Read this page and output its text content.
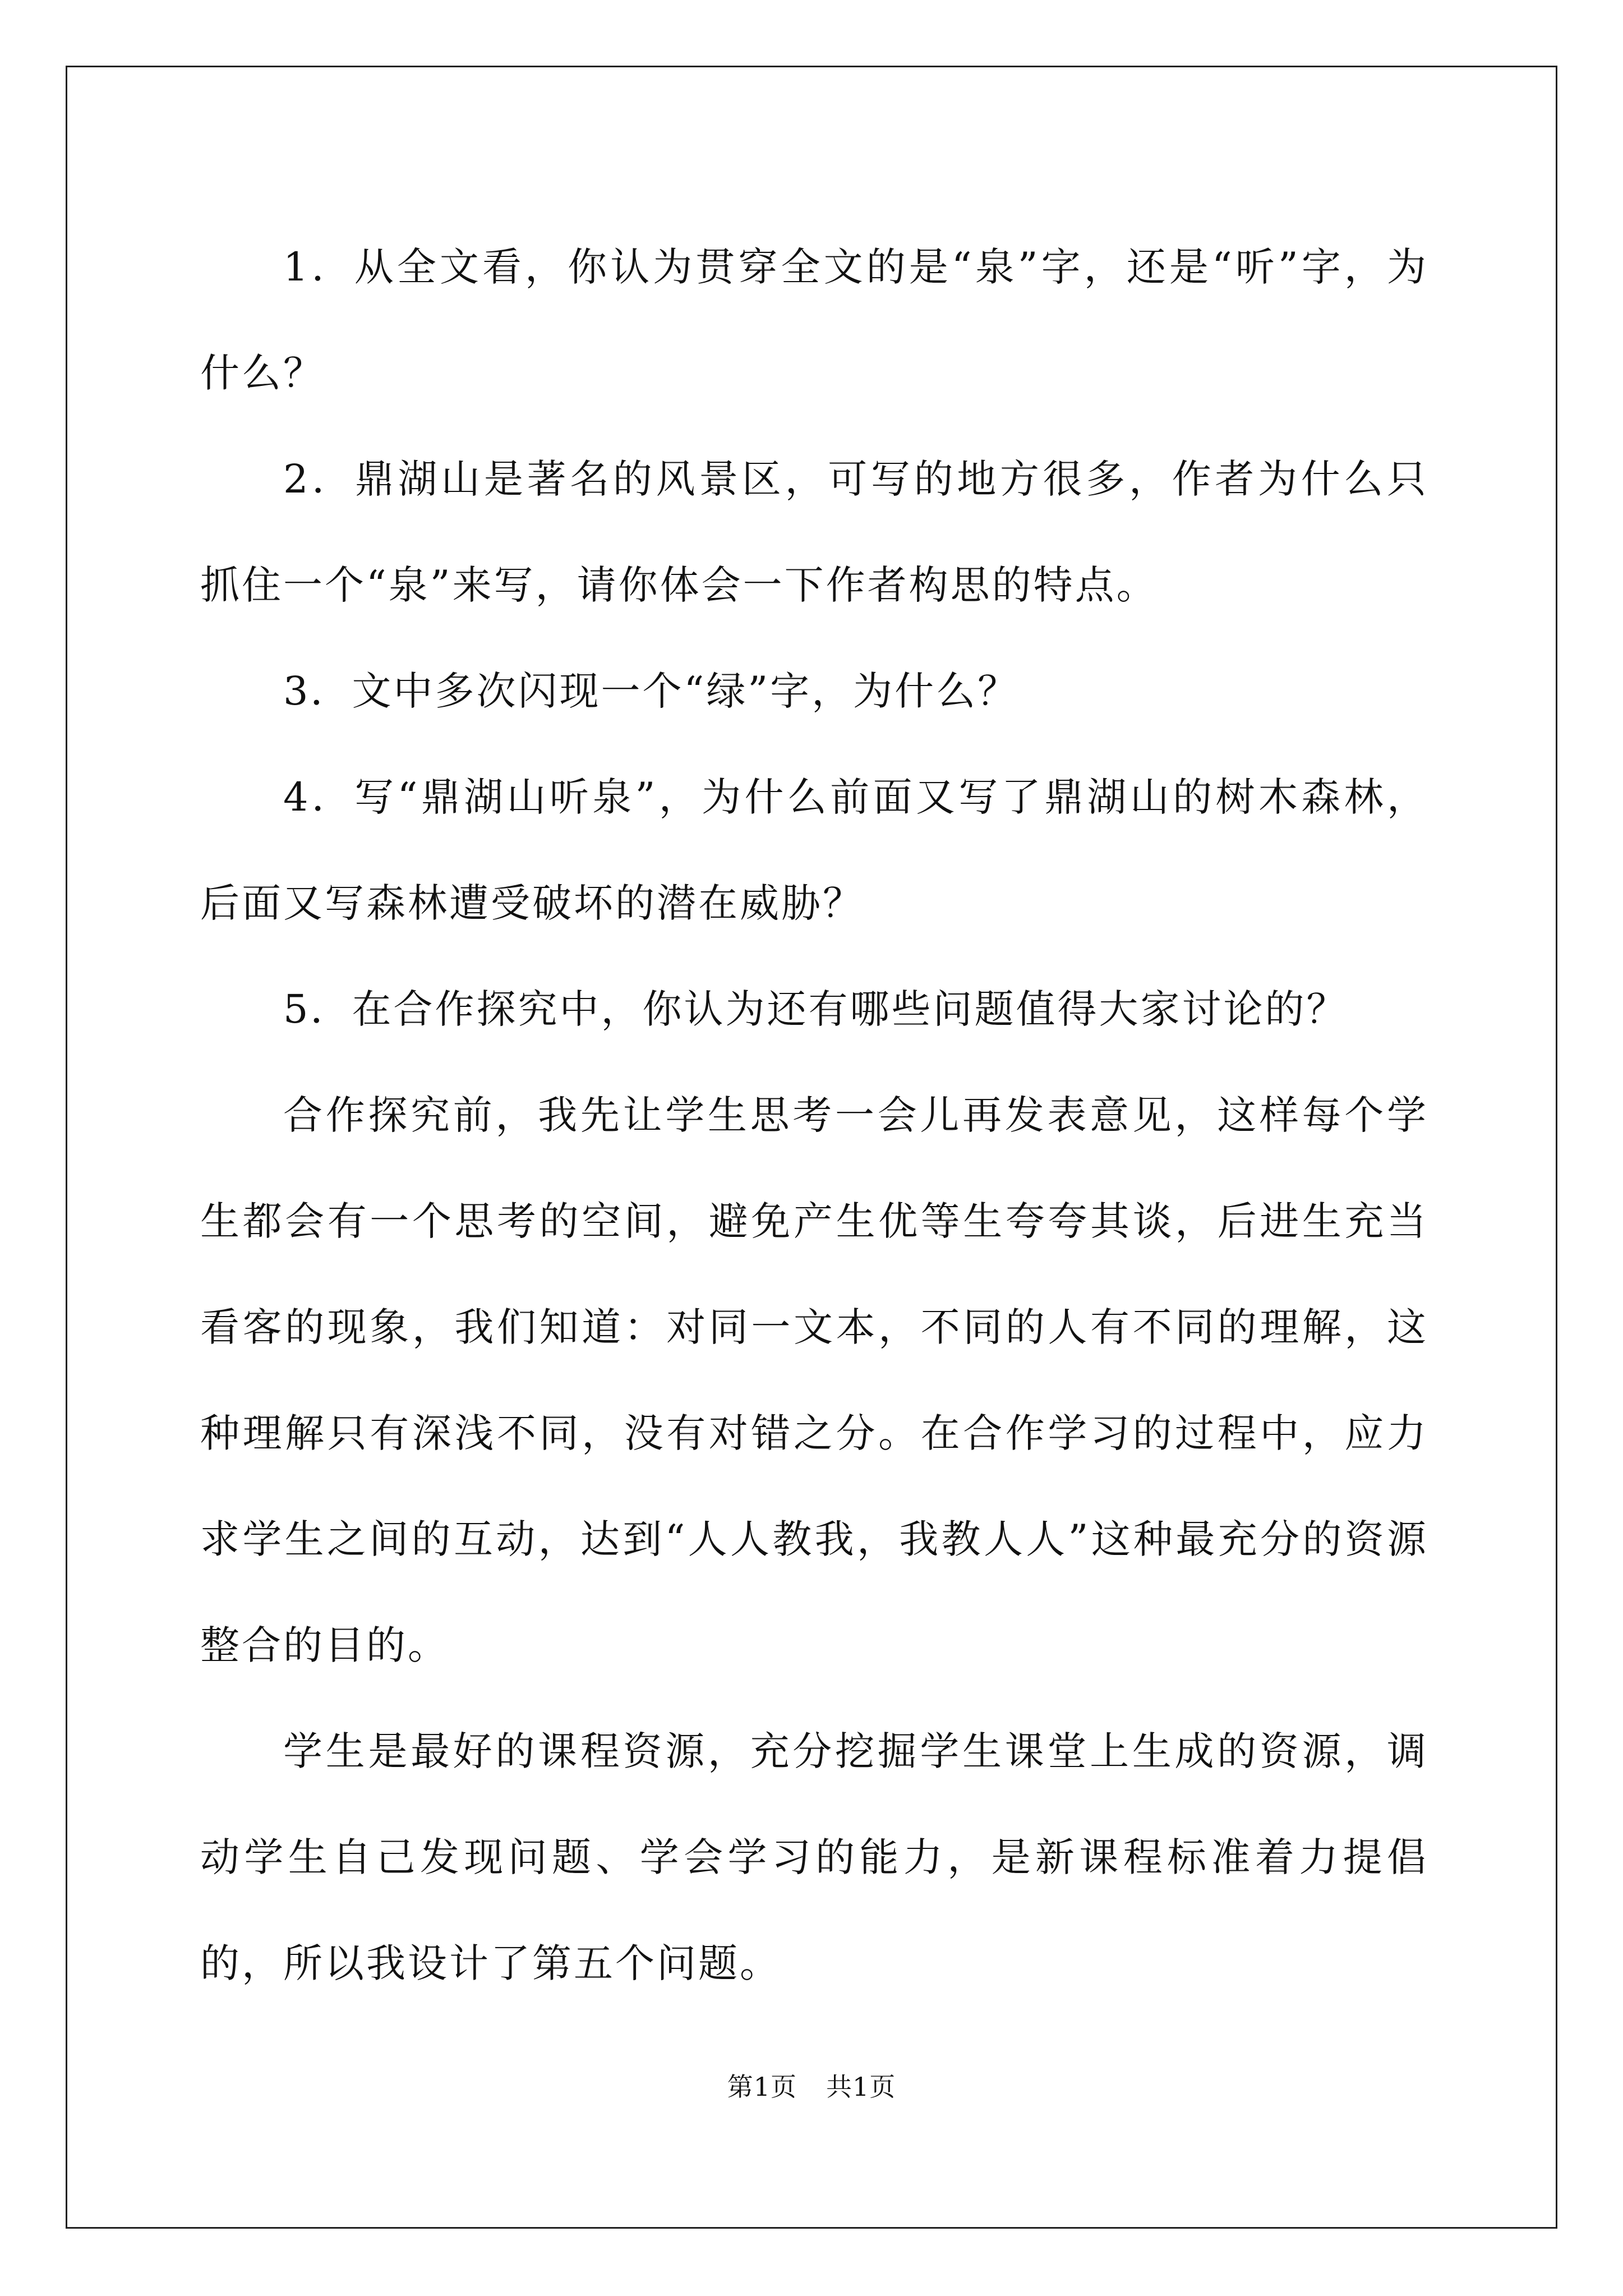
1．从全文看，你认为贯穿全文的是“泉”字，还是“听”字，为什么？

2．鼎湖山是著名的风景区，可写的地方很多，作者为什么只抓住一个“泉”来写，请你体会一下作者构思的特点。

3．文中多次闪现一个“绿”字，为什么？

4．写“鼎湖山听泉”，为什么前面又写了鼎湖山的树木森林，后面又写森林遭受破坏的潜在威胁？

5．在合作探究中，你认为还有哪些问题值得大家讨论的？

合作探究前，我先让学生思考一会儿再发表意见，这样每个学生都会有一个思考的空间，避免产生优等生夸夸其谈，后进生充当看客的现象，我们知道：对同一文本，不同的人有不同的理解，这种理解只有深浅不同，没有对错之分。在合作学习的过程中，应力求学生之间的互动，达到“人人教我，我教人人”这种最充分的资源整合的目的。

学生是最好的课程资源，充分挖掘学生课堂上生成的资源，调动学生自己发现问题、学会学习的能力，是新课程标准着力提倡的，所以我设计了第五个问题。

第1页 共1页
